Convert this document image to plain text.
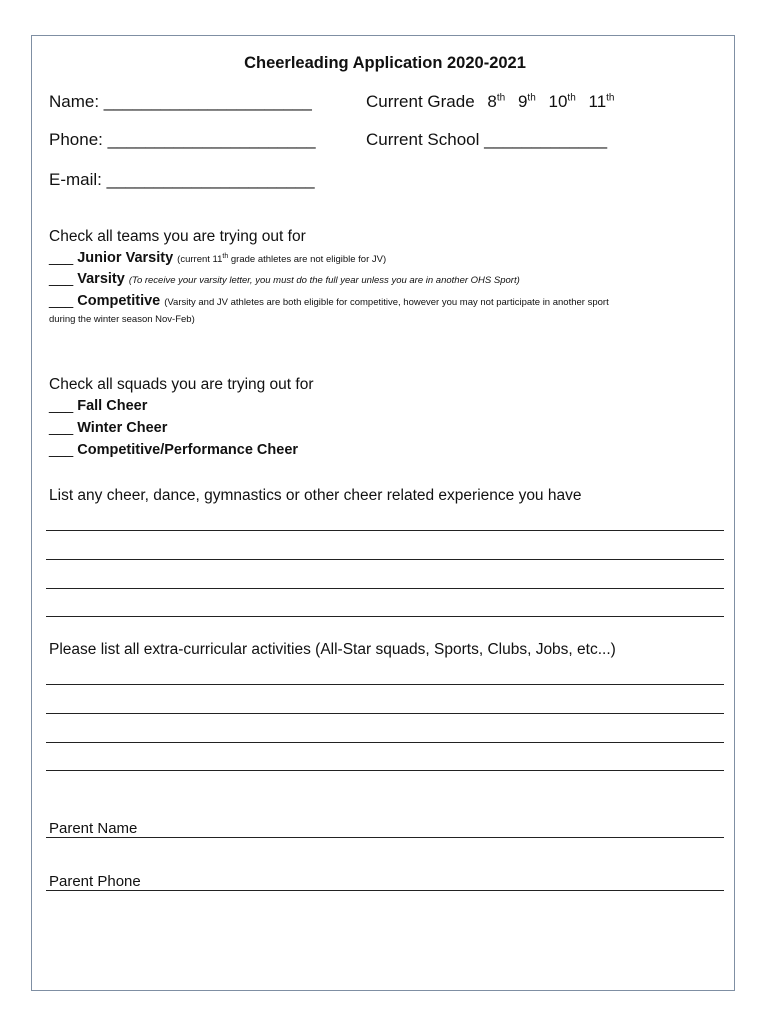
Cheerleading Application 2020-2021
Name: ______________________	Current Grade 8th 9th 10th 11th
Phone: ______________________	Current School _____________
E-mail: ______________________
Check all teams you are trying out for
___ Junior Varsity (current 11th grade athletes are not eligible for JV)
___ Varsity (To receive your varsity letter, you must do the full year unless you are in another OHS Sport)
___ Competitive (Varsity and JV athletes are both eligible for competitive, however you may not participate in another sport
during the winter season Nov-Feb)
Check all squads you are trying out for
___ Fall Cheer
___ Winter Cheer
___ Competitive/Performance Cheer
List any cheer, dance, gymnastics or other cheer related experience you have
Please list all extra-curricular activities (All-Star squads, Sports, Clubs, Jobs, etc...)
Parent Name
Parent Phone
